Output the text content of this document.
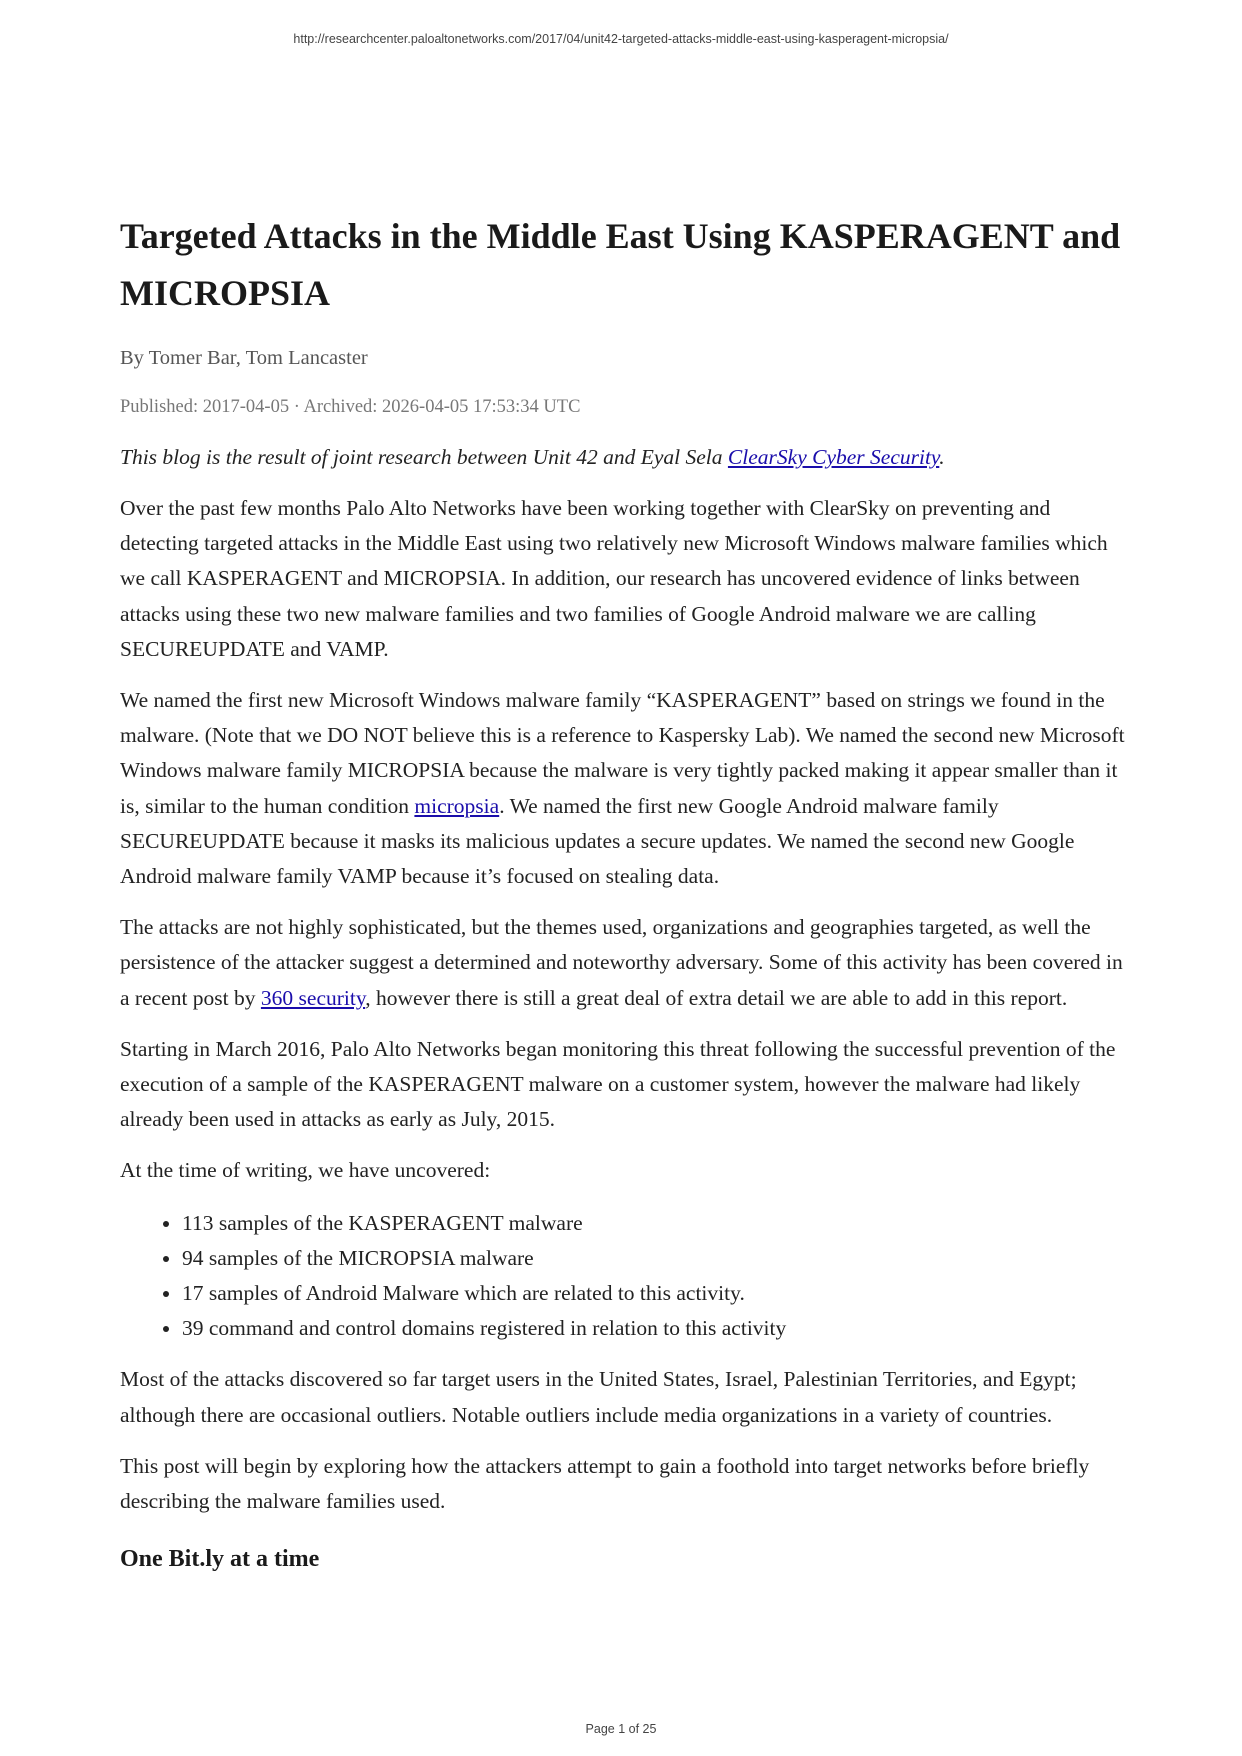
http://researchcenter.paloaltonetworks.com/2017/04/unit42-targeted-attacks-middle-east-using-kasperagent-micropsia/
Targeted Attacks in the Middle East Using KASPERAGENT and MICROPSIA
By Tomer Bar, Tom Lancaster
Published: 2017-04-05 · Archived: 2026-04-05 17:53:34 UTC
This blog is the result of joint research between Unit 42 and Eyal Sela ClearSky Cyber Security.

Over the past few months Palo Alto Networks have been working together with ClearSky on preventing and detecting targeted attacks in the Middle East using two relatively new Microsoft Windows malware families which we call KASPERAGENT and MICROPSIA. In addition, our research has uncovered evidence of links between attacks using these two new malware families and two families of Google Android malware we are calling SECUREUPDATE and VAMP.

We named the first new Microsoft Windows malware family “KASPERAGENT” based on strings we found in the malware. (Note that we DO NOT believe this is a reference to Kaspersky Lab). We named the second new Microsoft Windows malware family MICROPSIA because the malware is very tightly packed making it appear smaller than it is, similar to the human condition micropsia. We named the first new Google Android malware family SECUREUPDATE because it masks its malicious updates a secure updates. We named the second new Google Android malware family VAMP because it’s focused on stealing data.

The attacks are not highly sophisticated, but the themes used, organizations and geographies targeted, as well the persistence of the attacker suggest a determined and noteworthy adversary. Some of this activity has been covered in a recent post by 360 security, however there is still a great deal of extra detail we are able to add in this report.

Starting in March 2016, Palo Alto Networks began monitoring this threat following the successful prevention of the execution of a sample of the KASPERAGENT malware on a customer system, however the malware had likely already been used in attacks as early as July, 2015.

At the time of writing, we have uncovered:

• 113 samples of the KASPERAGENT malware
• 94 samples of the MICROPSIA malware
• 17 samples of Android Malware which are related to this activity.
• 39 command and control domains registered in relation to this activity

Most of the attacks discovered so far target users in the United States, Israel, Palestinian Territories, and Egypt; although there are occasional outliers. Notable outliers include media organizations in a variety of countries.

This post will begin by exploring how the attackers attempt to gain a foothold into target networks before briefly describing the malware families used.

One Bit.ly at a time
Page 1 of 25
